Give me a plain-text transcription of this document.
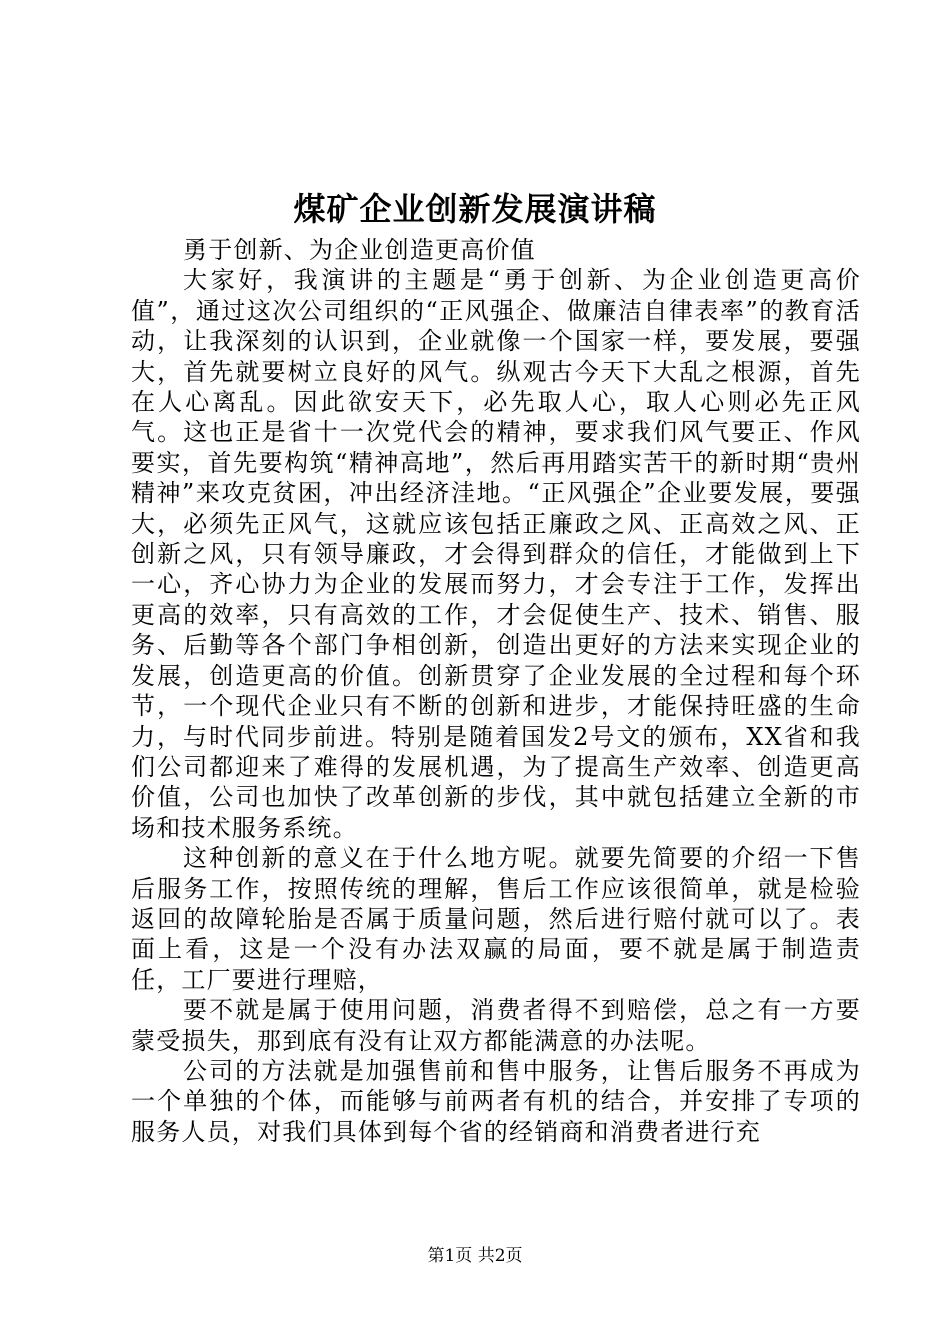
煤矿企业创新发展演讲稿

勇于创新、为企业创造更高价值

大家好，我演讲的主题是“勇于创新、为企业创造更高价值”，通过这次公司组织的“正风强企、做廉洁自律表率”的教育活动，让我深刻的认识到，企业就像一个国家一样，要发展，要强大，首先就要树立良好的风气。纵观古今天下大乱之根源，首先在人心离乱。因此欲安天下，必先取人心，取人心则必先正风气。这也正是省十一次党代会的精神，要求我们风气要正、作风要实，首先要构筑“精神高地”，然后再用踏实苦干的新时期“贵州精神”来攻克贫困，冲出经济洼地。“正风强企”企业要发展，要强大，必须先正风气，这就应该包括正廉政之风、正高效之风、正创新之风，只有领导廉政，才会得到群众的信任，才能做到上下一心，齐心协力为企业的发展而努力，才会专注于工作，发挥出更高的效率，只有高效的工作，才会促使生产、技术、销售、服务、后勤等各个部门争相创新，创造出更好的方法来实现企业的发展，创造更高的价值。创新贯穿了企业发展的全过程和每个环节，一个现代企业只有不断的创新和进步，才能保持旺盛的生命力，与时代同步前进。特别是随着国发2号文的颁布，XX省和我们公司都迎来了难得的发展机遇，为了提高生产效率、创造更高价值，公司也加快了改革创新的步伐，其中就包括建立全新的市场和技术服务系统。

这种创新的意义在于什么地方呢。就要先简要的介绍一下售后服务工作，按照传统的理解，售后工作应该很简单，就是检验返回的故障轮胎是否属于质量问题，然后进行赔付就可以了。表面上看，这是一个没有办法双赢的局面，要不就是属于制造责任，工厂要进行理赔，

要不就是属于使用问题，消费者得不到赔偿，总之有一方要蒙受损失，那到底有没有让双方都能满意的办法呢。

公司的方法就是加强售前和售中服务，让售后服务不再成为一个单独的个体，而能够与前两者有机的结合，并安排了专项的服务人员，对我们具体到每个省的经销商和消费者进行充

第1页 共2页
